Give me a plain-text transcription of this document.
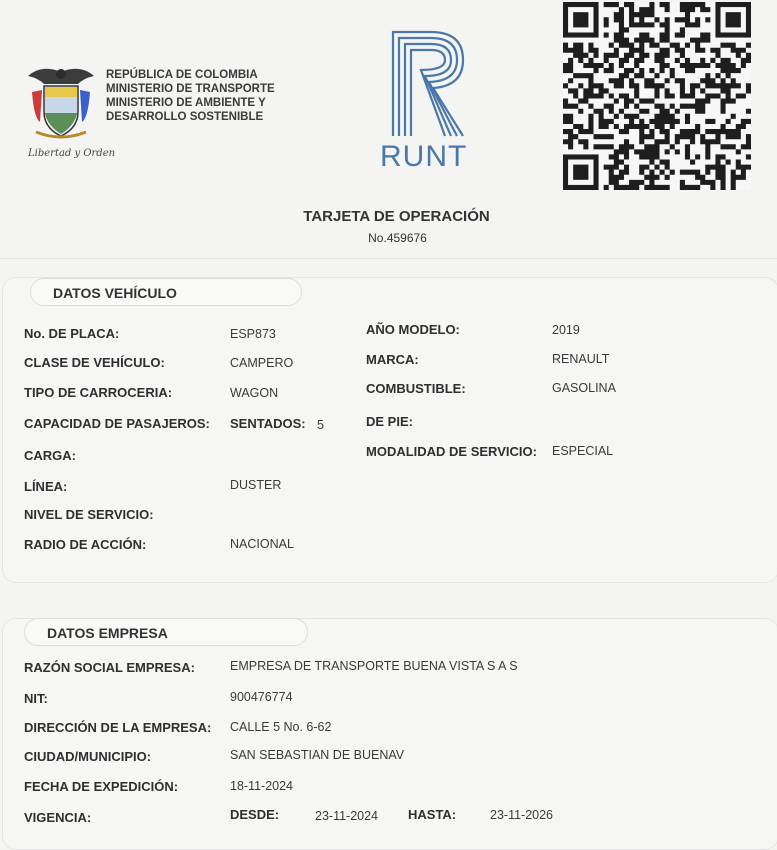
Libertad y Orden
REPÚBLICA DE COLOMBIA
MINISTERIO DE TRANSPORTE
MINISTERIO DE AMBIENTE Y
DESARROLLO SOSTENIBLE
RUNT
TARJETA DE OPERACIÓN
No.459676
DATOS VEHÍCULO
No. DE PLACA:	ESP873
CLASE DE VEHÍCULO:	CAMPERO
TIPO DE CARROCERIA:	WAGON
CAPACIDAD DE PASAJEROS: SENTADOS: 5
CARGA:
LÍNEA:	DUSTER
NIVEL DE SERVICIO:
RADIO DE ACCIÓN:	NACIONAL
AÑO MODELO:	2019
MARCA:	RENAULT
COMBUSTIBLE:	GASOLINA
DE PIE:
MODALIDAD DE SERVICIO: ESPECIAL
DATOS EMPRESA
RAZÓN SOCIAL EMPRESA:	EMPRESA DE TRANSPORTE BUENA VISTA S A S
NIT:	900476774
DIRECCIÓN DE LA EMPRESA: CALLE 5 No. 6-62
CIUDAD/MUNICIPIO:	SAN SEBASTIAN DE BUENAV
FECHA DE EXPEDICIÓN:	18-11-2024
VIGENCIA:	DESDE:	23-11-2024 HASTA:	23-11-2026
